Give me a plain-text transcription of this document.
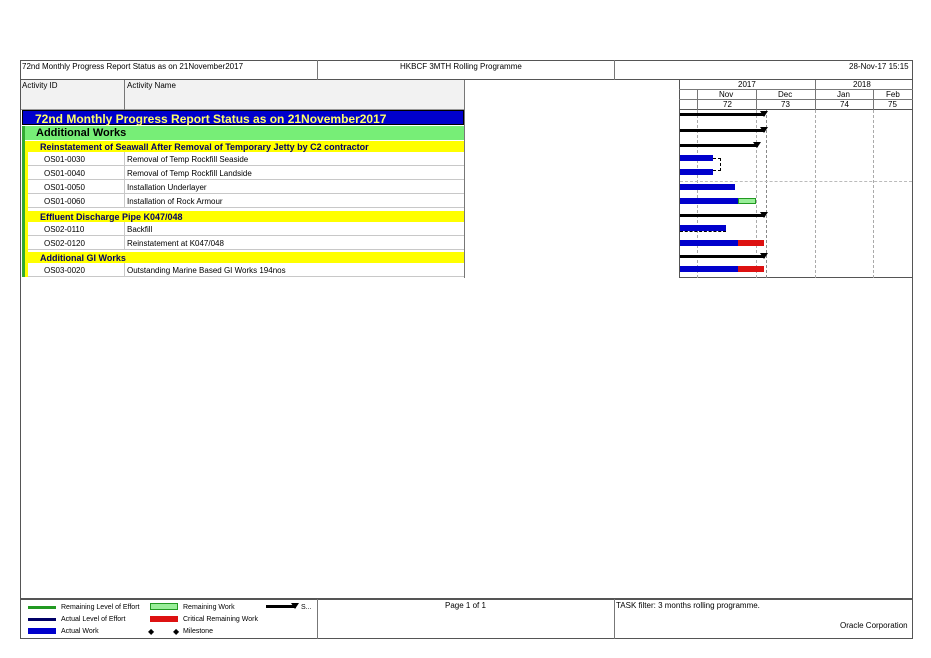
72nd Monthly Progress Report Status as on 21November2017	HKBCF 3MTH Rolling Programme	28-Nov-17 15:15
Activity ID	Activity Name
72nd Monthly Progress Report Status as on 21November2017
Additional Works
Reinstatement of Seawall After Removal of Temporary Jetty by C2 contractor
OS01-0030	Removal of Temp Rockfill Seaside
OS01-0040	Removal of Temp Rockfill Landside
OS01-0050	Installation Underlayer
OS01-0060	Installation of Rock Armour
Effluent Discharge Pipe K047/048
OS02-0110	Backfill
OS02-0120	Reinstatement at K047/048
Additional GI Works
OS03-0020	Outstanding Marine Based GI Works 194nos
2017	2018
Nov	Dec	Jan	Feb
72	73	74	75
Remaining Level of Effort
Actual Level of Effort
Actual Work
Remaining Work
Critical Remaining Work
◆ ◆ Milestone
S...	Page 1 of 1	TASK filter: 3 months rolling programme.
Oracle Corporation
